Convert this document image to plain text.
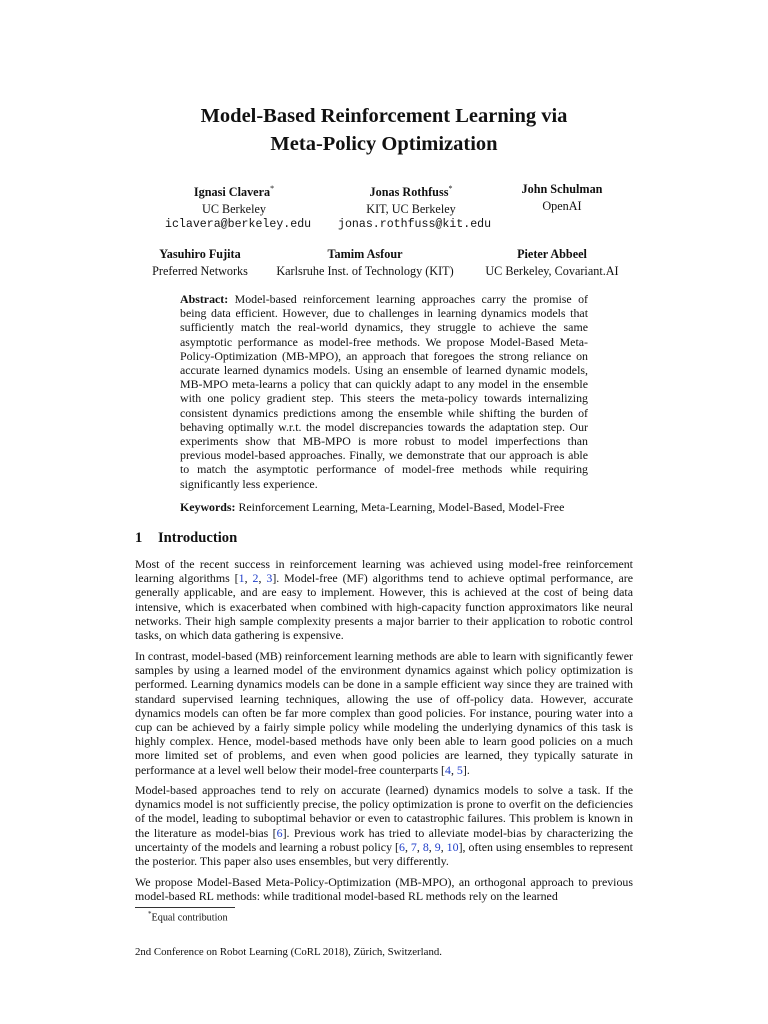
Model-Based Reinforcement Learning via
Meta-Policy Optimization
Ignasi Clavera*
UC Berkeley
iclavera@berkeley.edu
Jonas Rothfuss*
KIT, UC Berkeley
jonas.rothfuss@kit.edu
John Schulman
OpenAI
Yasuhiro Fujita
Preferred Networks
Tamim Asfour
Karlsruhe Inst. of Technology (KIT)
Pieter Abbeel
UC Berkeley, Covariant.AI
Abstract: Model-based reinforcement learning approaches carry the promise of being data efficient. However, due to challenges in learning dynamics models that sufficiently match the real-world dynamics, they struggle to achieve the same asymptotic performance as model-free methods. We propose Model-Based Meta-Policy-Optimization (MB-MPO), an approach that foregoes the strong reliance on accurate learned dynamics models. Using an ensemble of learned dynamic models, MB-MPO meta-learns a policy that can quickly adapt to any model in the ensemble with one policy gradient step. This steers the meta-policy towards internalizing consistent dynamics predictions among the ensemble while shifting the burden of behaving optimally w.r.t. the model discrepancies towards the adaptation step. Our experiments show that MB-MPO is more robust to model imperfections than previous model-based approaches. Finally, we demonstrate that our approach is able to match the asymptotic performance of model-free methods while requiring significantly less experience.
Keywords: Reinforcement Learning, Meta-Learning, Model-Based, Model-Free
1 Introduction
Most of the recent success in reinforcement learning was achieved using model-free reinforcement learning algorithms [1, 2, 3]. Model-free (MF) algorithms tend to achieve optimal performance, are generally applicable, and are easy to implement. However, this is achieved at the cost of being data intensive, which is exacerbated when combined with high-capacity function approximators like neural networks. Their high sample complexity presents a major barrier to their application to robotic control tasks, on which data gathering is expensive.
In contrast, model-based (MB) reinforcement learning methods are able to learn with significantly fewer samples by using a learned model of the environment dynamics against which policy optimization is performed. Learning dynamics models can be done in a sample efficient way since they are trained with standard supervised learning techniques, allowing the use of off-policy data. However, accurate dynamics models can often be far more complex than good policies. For instance, pouring water into a cup can be achieved by a fairly simple policy while modeling the underlying dynamics of this task is highly complex. Hence, model-based methods have only been able to learn good policies on a much more limited set of problems, and even when good policies are learned, they typically saturate in performance at a level well below their model-free counterparts [4, 5].
Model-based approaches tend to rely on accurate (learned) dynamics models to solve a task. If the dynamics model is not sufficiently precise, the policy optimization is prone to overfit on the deficiencies of the model, leading to suboptimal behavior or even to catastrophic failures. This problem is known in the literature as model-bias [6]. Previous work has tried to alleviate model-bias by characterizing the uncertainty of the models and learning a robust policy [6, 7, 8, 9, 10], often using ensembles to represent the posterior. This paper also uses ensembles, but very differently.
We propose Model-Based Meta-Policy-Optimization (MB-MPO), an orthogonal approach to previous model-based RL methods: while traditional model-based RL methods rely on the learned
*Equal contribution
2nd Conference on Robot Learning (CoRL 2018), Zürich, Switzerland.
